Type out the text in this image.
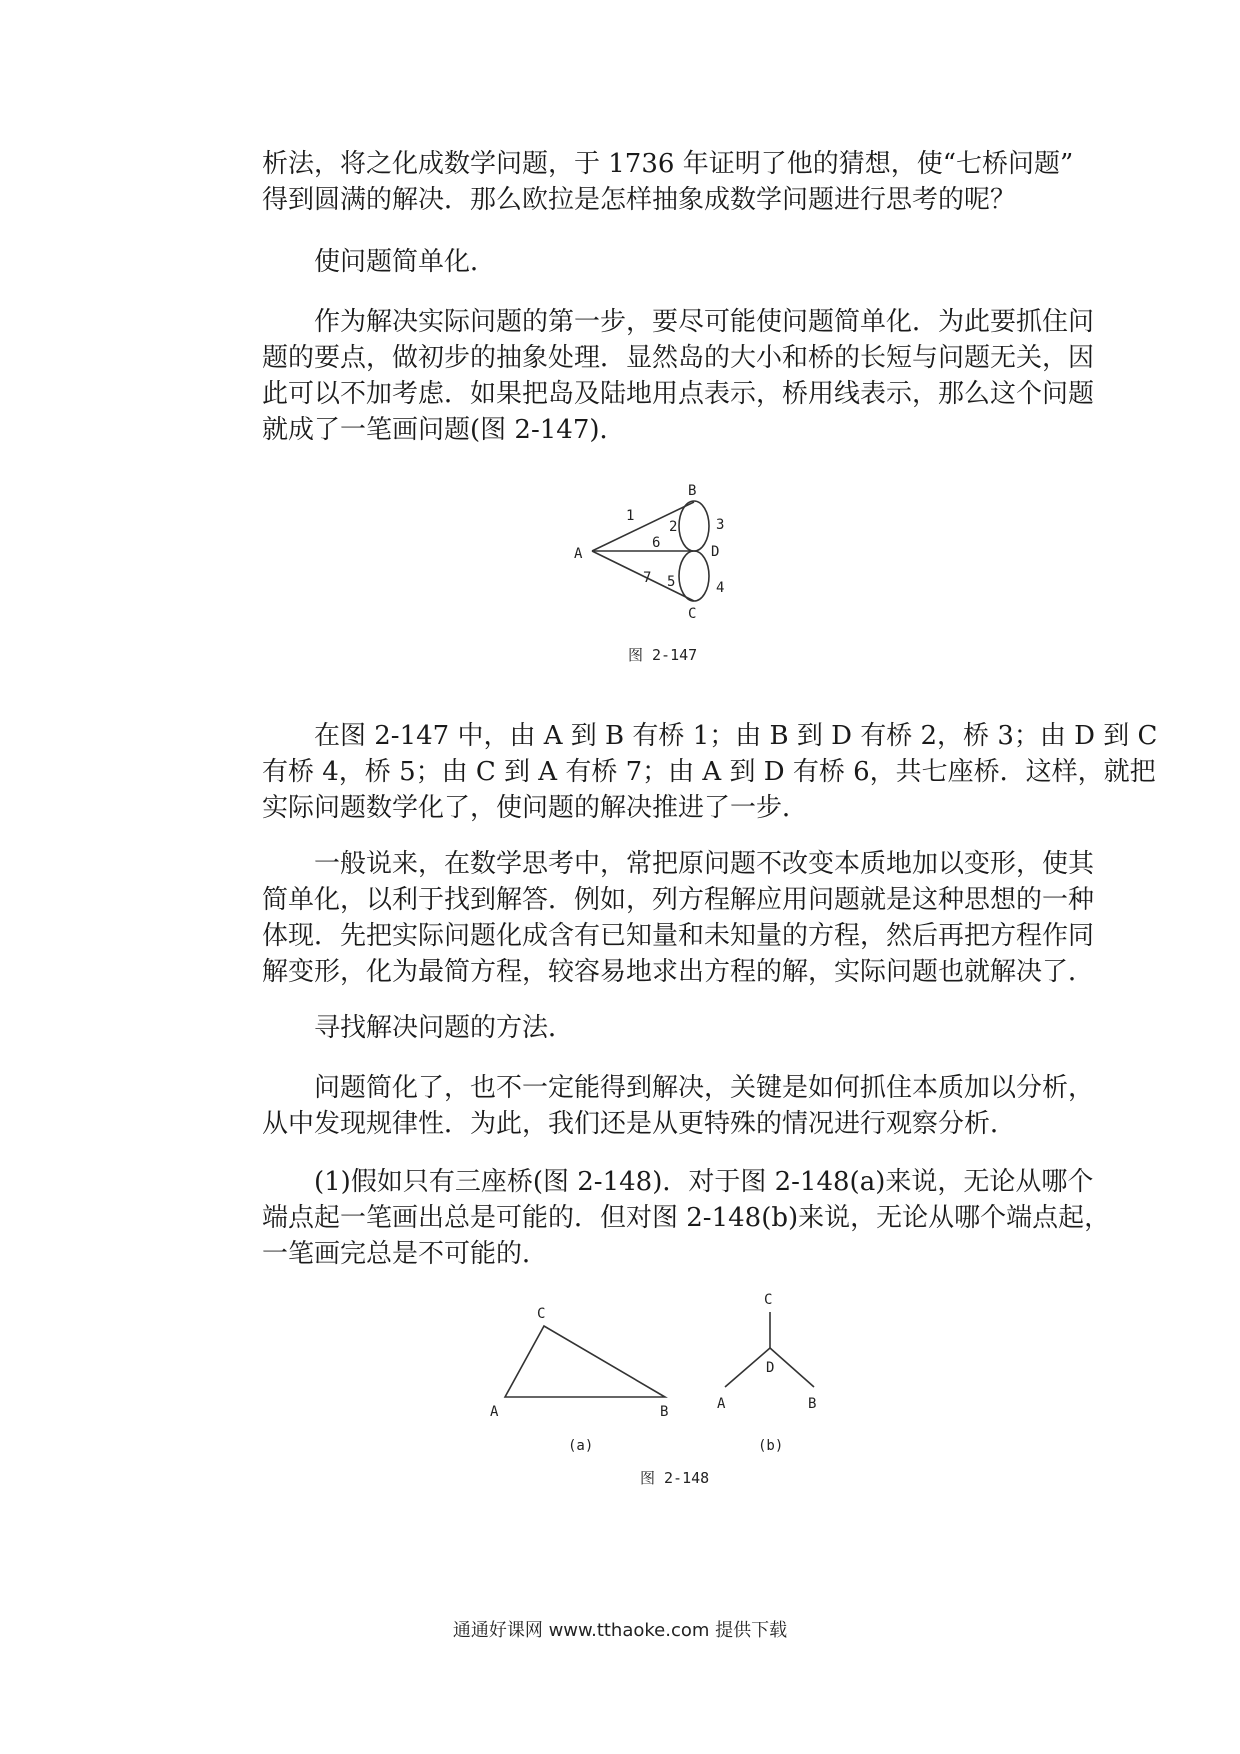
析法，将之化成数学问题，于 1736 年证明了他的猜想，使“七桥问题”
得到圆满的解决．那么欧拉是怎样抽象成数学问题进行思考的呢？
使问题简单化．
作为解决实际问题的第一步，要尽可能使问题简单化．为此要抓住问
题的要点，做初步的抽象处理．显然岛的大小和桥的长短与问题无关，因
此可以不加考虑．如果把岛及陆地用点表示，桥用线表示，那么这个问题
就成了一笔画问题(图 2-147)．
A
B
C
D
1
2	3
6
7 5	4
图 2-147
在图 2-147 中，由 A 到 B 有桥 1；由 B 到 D 有桥 2，桥 3；由 D 到 C
有桥 4，桥 5；由 C 到 A 有桥 7；由 A 到 D 有桥 6，共七座桥．这样，就把
实际问题数学化了，使问题的解决推进了一步．
一般说来，在数学思考中，常把原问题不改变本质地加以变形，使其
简单化，以利于找到解答．例如，列方程解应用问题就是这种思想的一种
体现．先把实际问题化成含有已知量和未知量的方程，然后再把方程作同
解变形，化为最简方程，较容易地求出方程的解，实际问题也就解决了．
寻找解决问题的方法．
问题简化了，也不一定能得到解决，关键是如何抓住本质加以分析，
从中发现规律性．为此，我们还是从更特殊的情况进行观察分析．
(1)假如只有三座桥(图 2-148)．对于图 2-148(a)来说，无论从哪个
端点起一笔画出总是可能的．但对图 2-148(b)来说，无论从哪个端点起，
一笔画完总是不可能的．
A	B
C
(a)
C
D
A	B
(b)
图 2-148
通通好课网 www.tthaoke.com 提供下载
